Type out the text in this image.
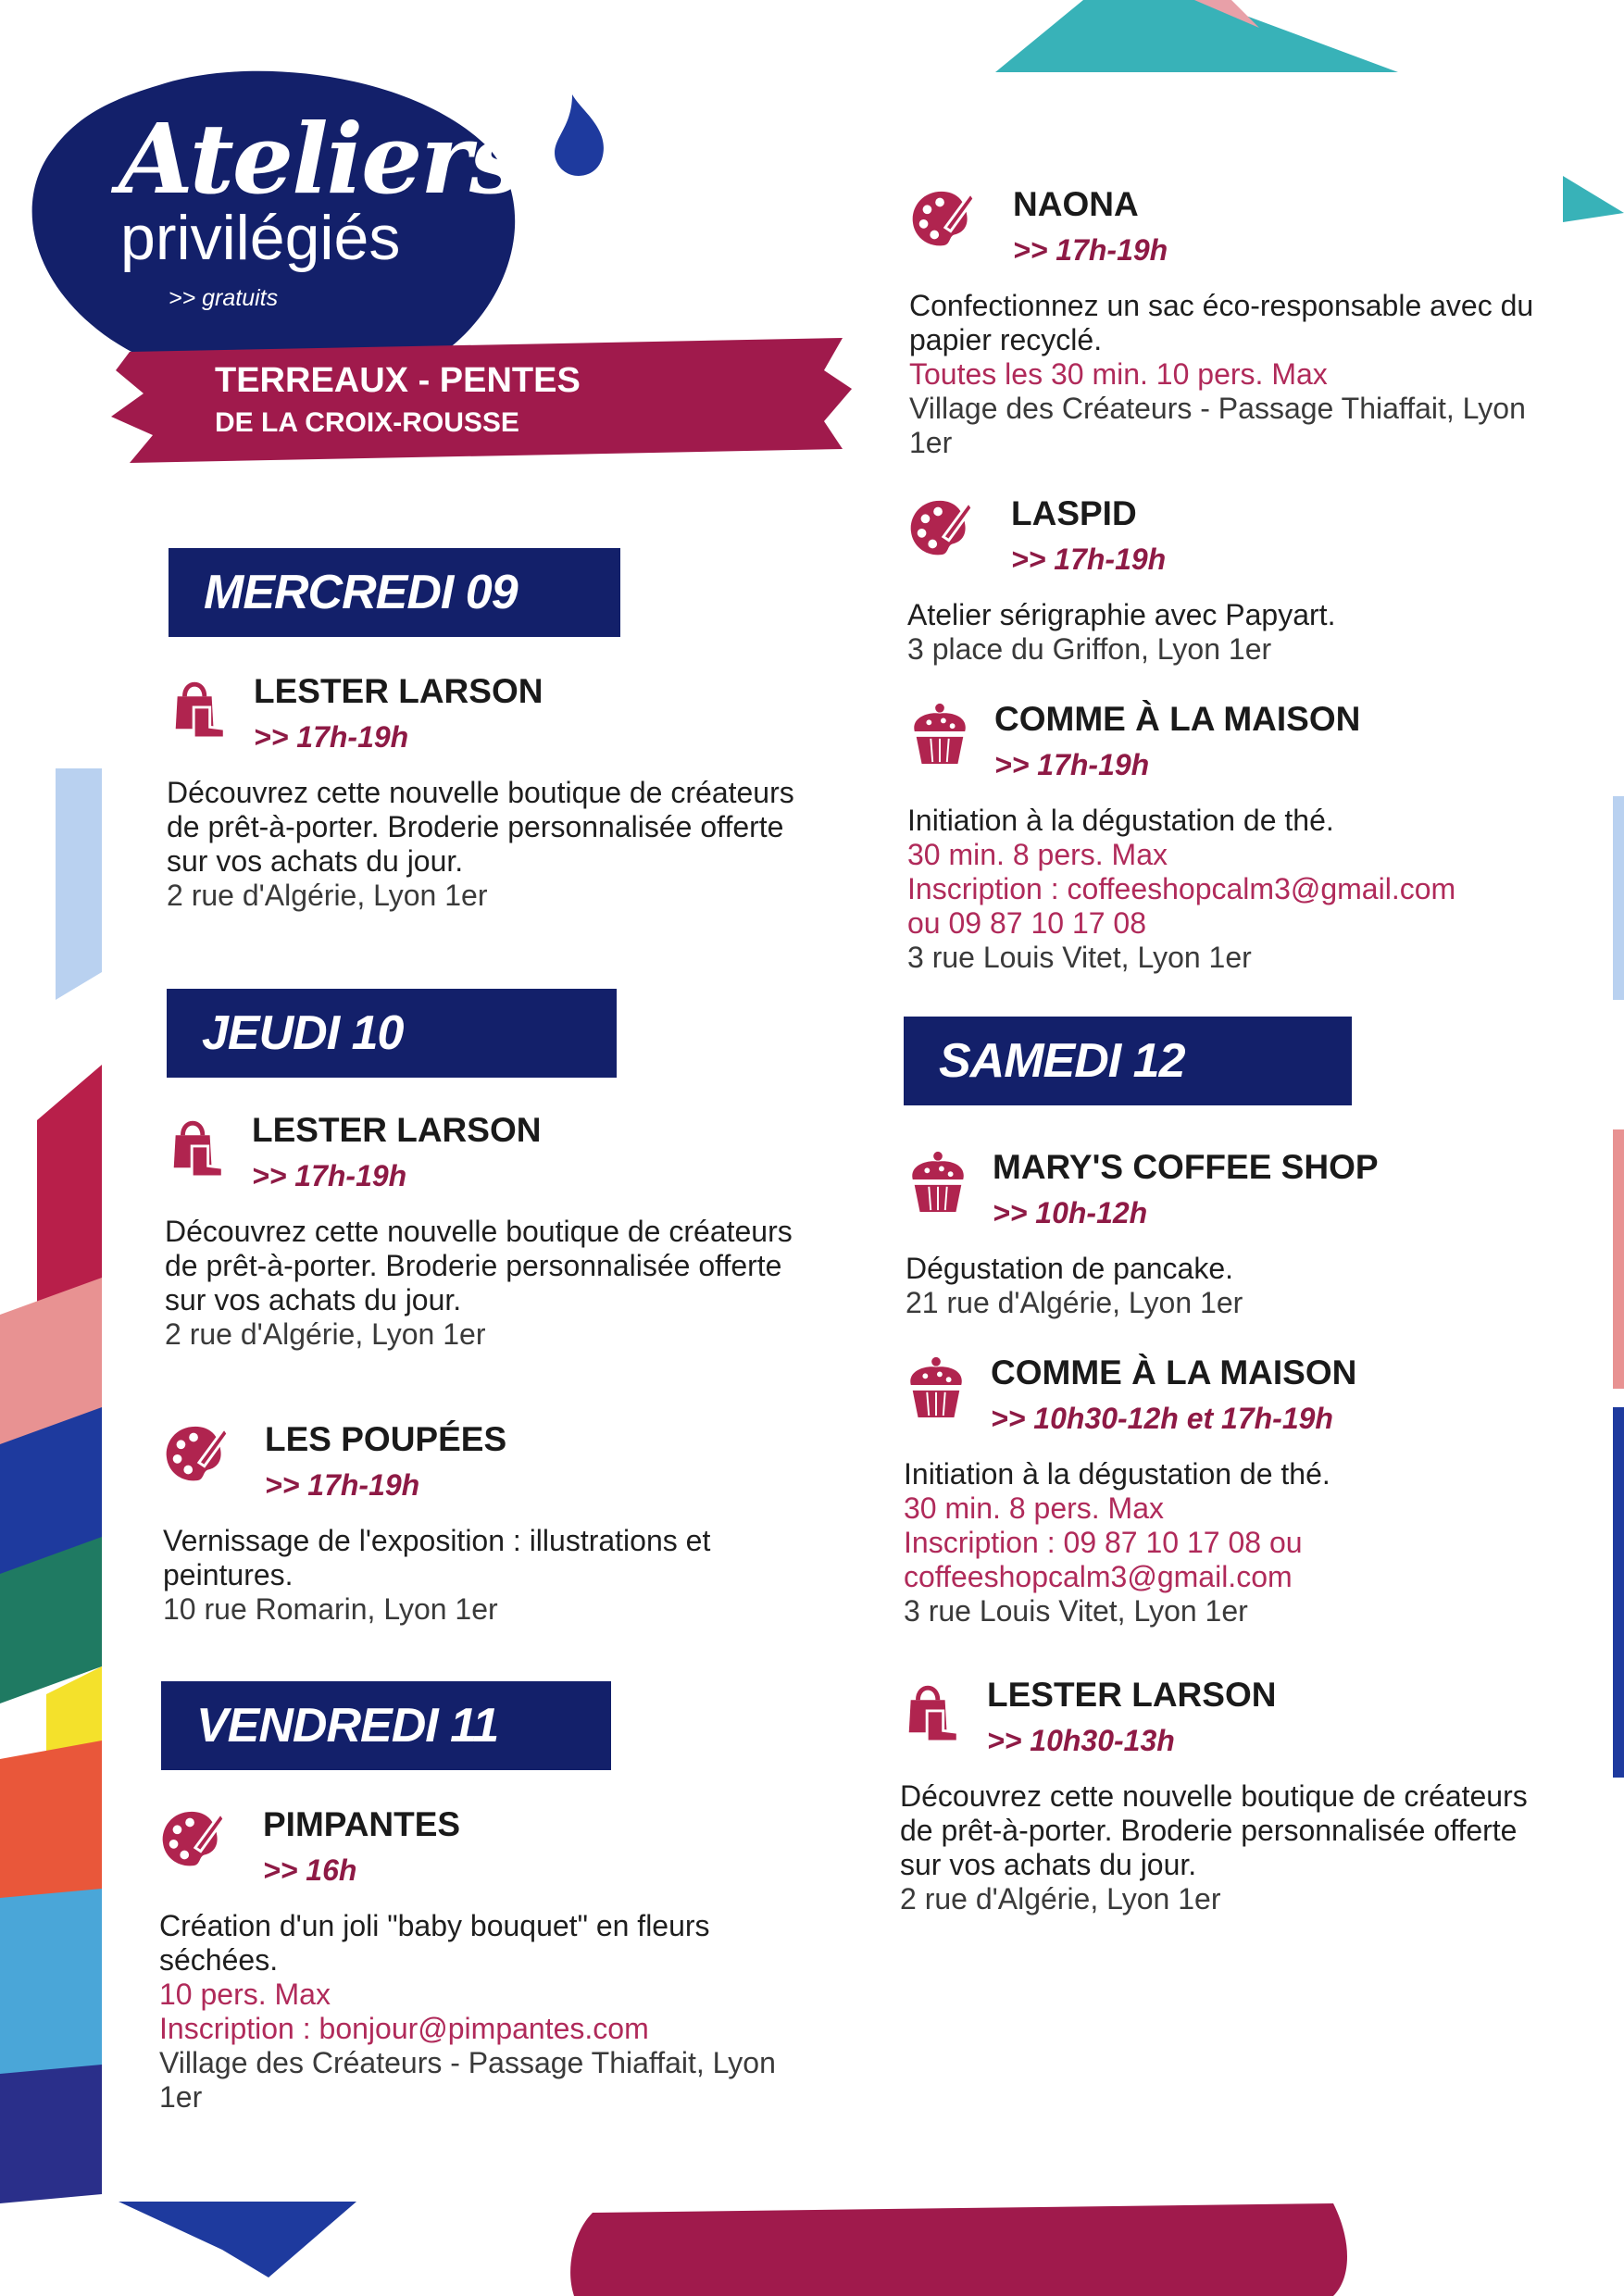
Ateliers
privilégiés
>> gratuits
TERREAUX - PENTES
DE LA CROIX-ROUSSE
MERCREDI 09
JEUDI 10
VENDREDI 11
SAMEDI 12
LESTER LARSON
>> 17h-19h
Découvrez cette nouvelle boutique de créateurs de prêt-à-porter. Broderie personnalisée offerte sur vos achats du jour.
2 rue d'Algérie, Lyon 1er
LESTER LARSON
>> 17h-19h
Découvrez cette nouvelle boutique de créateurs de prêt-à-porter. Broderie personnalisée offerte sur vos achats du jour.
2 rue d'Algérie, Lyon 1er
LES POUPÉES
>> 17h-19h
Vernissage de l'exposition : illustrations et peintures.
10 rue Romarin, Lyon 1er
PIMPANTES
>> 16h
Création d'un joli "baby bouquet" en fleurs séchées.
10 pers. Max
Inscription : bonjour@pimpantes.com
Village des Créateurs - Passage Thiaffait, Lyon 1er
NAONA
>> 17h-19h
Confectionnez un sac éco-responsable avec du papier recyclé.
Toutes les 30 min. 10 pers. Max
Village des Créateurs - Passage Thiaffait, Lyon 1er
LASPID
>> 17h-19h
Atelier sérigraphie avec Papyart.
3 place du Griffon, Lyon 1er
COMME À LA MAISON
>> 17h-19h
Initiation à la dégustation de thé.
30 min. 8 pers. Max
Inscription : coffeeshopcalm3@gmail.com
ou 09 87 10 17 08
3 rue Louis Vitet, Lyon 1er
MARY'S COFFEE SHOP
>> 10h-12h
Dégustation de pancake.
21 rue d'Algérie, Lyon 1er
COMME À LA MAISON
>> 10h30-12h et 17h-19h
Initiation à la dégustation de thé.
30 min. 8 pers. Max
Inscription : 09 87 10 17 08 ou
coffeeshopcalm3@gmail.com
3 rue Louis Vitet, Lyon 1er
LESTER LARSON
>> 10h30-13h
Découvrez cette nouvelle boutique de créateurs de prêt-à-porter. Broderie personnalisée offerte sur vos achats du jour.
2 rue d'Algérie, Lyon 1er
